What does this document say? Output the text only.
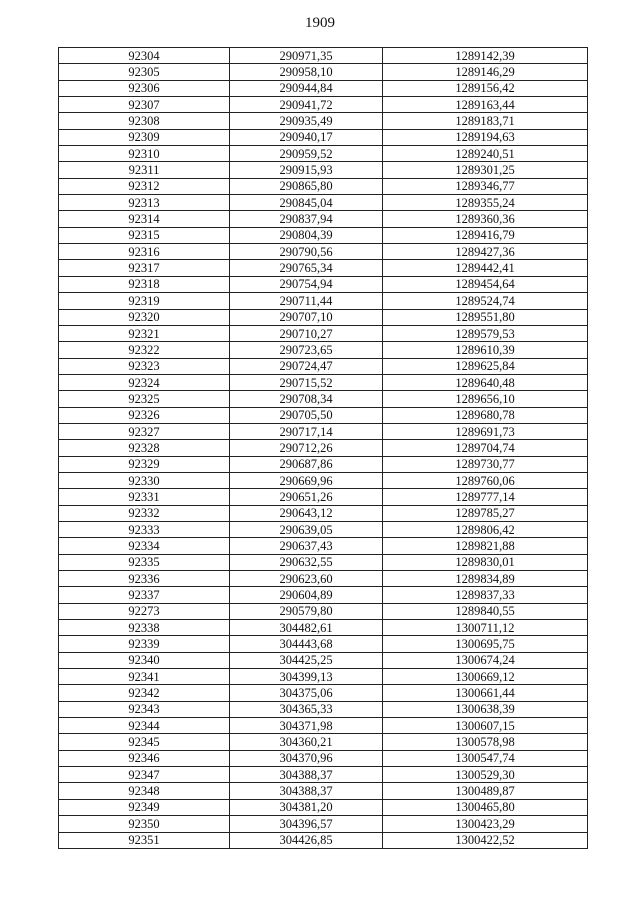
1909
92304	290971,35	1289142,39
92305	290958,10	1289146,29
92306	290944,84	1289156,42
92307	290941,72	1289163,44
92308	290935,49	1289183,71
92309	290940,17	1289194,63
92310	290959,52	1289240,51
92311	290915,93	1289301,25
92312	290865,80	1289346,77
92313	290845,04	1289355,24
92314	290837,94	1289360,36
92315	290804,39	1289416,79
92316	290790,56	1289427,36
92317	290765,34	1289442,41
92318	290754,94	1289454,64
92319	290711,44	1289524,74
92320	290707,10	1289551,80
92321	290710,27	1289579,53
92322	290723,65	1289610,39
92323	290724,47	1289625,84
92324	290715,52	1289640,48
92325	290708,34	1289656,10
92326	290705,50	1289680,78
92327	290717,14	1289691,73
92328	290712,26	1289704,74
92329	290687,86	1289730,77
92330	290669,96	1289760,06
92331	290651,26	1289777,14
92332	290643,12	1289785,27
92333	290639,05	1289806,42
92334	290637,43	1289821,88
92335	290632,55	1289830,01
92336	290623,60	1289834,89
92337	290604,89	1289837,33
92273	290579,80	1289840,55
92338	304482,61	1300711,12
92339	304443,68	1300695,75
92340	304425,25	1300674,24
92341	304399,13	1300669,12
92342	304375,06	1300661,44
92343	304365,33	1300638,39
92344	304371,98	1300607,15
92345	304360,21	1300578,98
92346	304370,96	1300547,74
92347	304388,37	1300529,30
92348	304388,37	1300489,87
92349	304381,20	1300465,80
92350	304396,57	1300423,29
92351	304426,85	1300422,52
